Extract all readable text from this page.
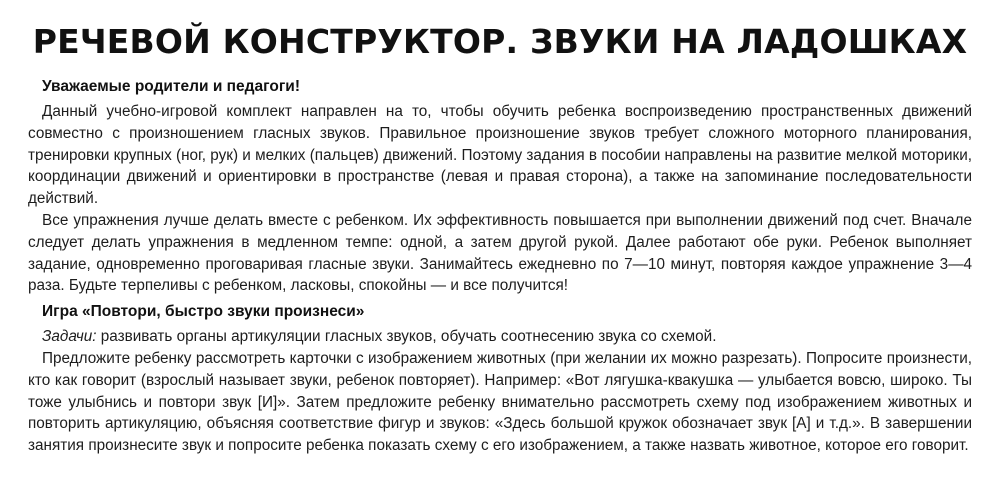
РЕЧЕВОЙ КОНСТРУКТОР. ЗВУКИ НА ЛАДОШКАХ
Уважаемые родители и педагоги!

Данный учебно-игровой комплект направлен на то, чтобы обучить ребенка воспроизведению пространственных движений совместно с произношением гласных звуков. Правильное произношение звуков требует сложного моторного планирования, тренировки крупных (ног, рук) и мелких (пальцев) движений. Поэтому задания в пособии направлены на развитие мелкой моторики, координации движений и ориентировки в пространстве (левая и правая сторона), а также на запоминание последовательности действий.

Все упражнения лучше делать вместе с ребенком. Их эффективность повышается при выполнении движений под счет. Вначале следует делать упражнения в медленном темпе: одной, а затем другой рукой. Далее работают обе руки. Ребенок выполняет задание, одновременно проговаривая гласные звуки. Занимайтесь ежедневно по 7—10 минут, повторяя каждое упражнение 3—4 раза. Будьте терпеливы с ребенком, ласковы, спокойны — и все получится!

Игра «Повтори, быстро звуки произнеси»

Задачи: развивать органы артикуляции гласных звуков, обучать соотнесению звука со схемой.

Предложите ребенку рассмотреть карточки с изображением животных (при желании их можно разрезать). Попросите произнести, кто как говорит (взрослый называет звуки, ребенок повторяет). Например: «Вот лягушка-квакушка — улыбается вовсю, широко. Ты тоже улыбнись и повтори звук [И]». Затем предложите ребенку внимательно рассмотреть схему под изображением животных и повторить артикуляцию, объясняя соответствие фигур и звуков: «Здесь большой кружок обозначает звук [А] и т.д.». В завершении занятия произнесите звук и попросите ребенка показать схему с его изображением, а также назвать животное, которое его говорит.
